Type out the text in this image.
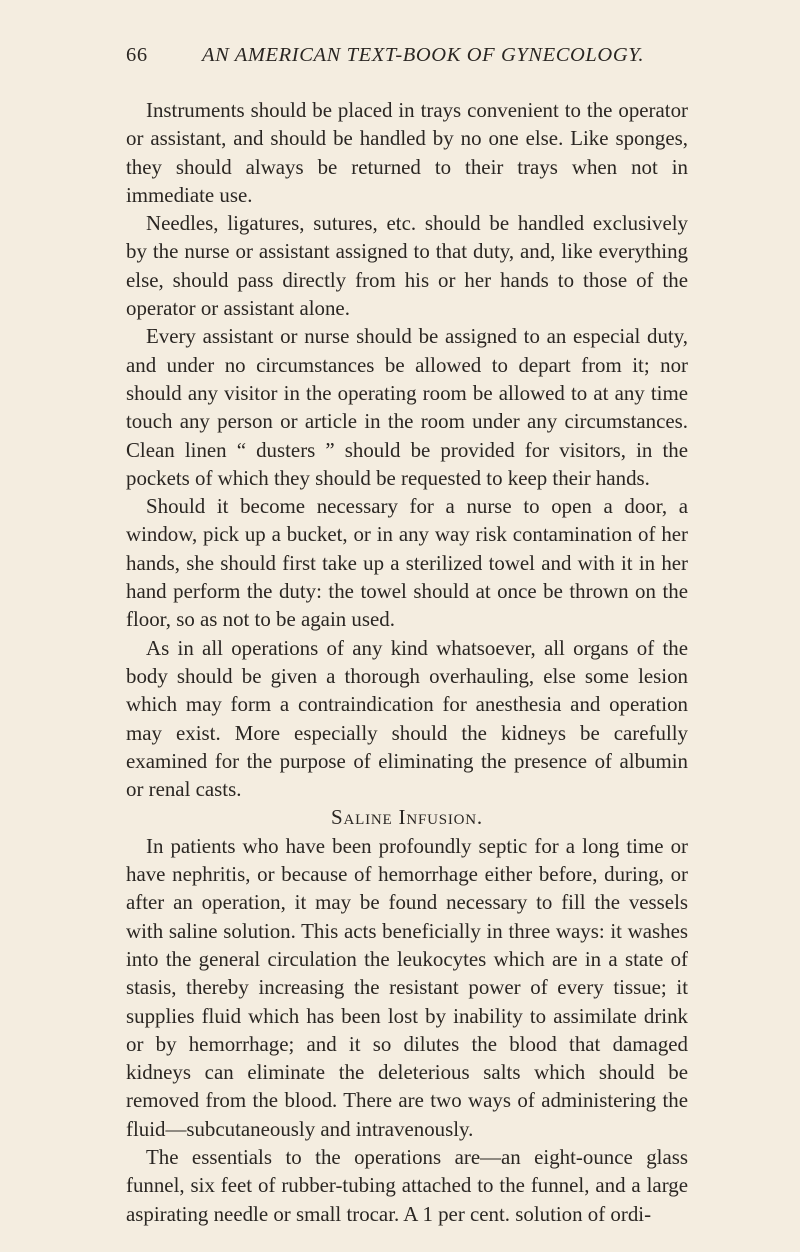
66	AN AMERICAN TEXT-BOOK OF GYNECOLOGY.

Instruments should be placed in trays convenient to the operator or assistant, and should be handled by no one else. Like sponges, they should always be returned to their trays when not in immediate use.

Needles, ligatures, sutures, etc. should be handled exclusively by the nurse or assistant assigned to that duty, and, like everything else, should pass directly from his or her hands to those of the operator or assistant alone.

Every assistant or nurse should be assigned to an especial duty, and under no circumstances be allowed to depart from it; nor should any visitor in the operating room be allowed to at any time touch any person or article in the room under any circumstances. Clean linen “ dusters ” should be provided for visitors, in the pockets of which they should be requested to keep their hands.

Should it become necessary for a nurse to open a door, a window, pick up a bucket, or in any way risk contamination of her hands, she should first take up a sterilized towel and with it in her hand perform the duty: the towel should at once be thrown on the floor, so as not to be again used.

As in all operations of any kind whatsoever, all organs of the body should be given a thorough overhauling, else some lesion which may form a contraindication for anesthesia and operation may exist. More especially should the kidneys be carefully examined for the purpose of eliminating the presence of albumin or renal casts.

Saline Infusion.

In patients who have been profoundly septic for a long time or have nephritis, or because of hemorrhage either before, during, or after an operation, it may be found necessary to fill the vessels with saline solution. This acts beneficially in three ways: it washes into the general circulation the leukocytes which are in a state of stasis, thereby increasing the resistant power of every tissue; it supplies fluid which has been lost by inability to assimilate drink or by hemorrhage; and it so dilutes the blood that damaged kidneys can eliminate the deleterious salts which should be removed from the blood. There are two ways of administering the fluid—subcutaneously and intravenously.

The essentials to the operations are—an eight-ounce glass funnel, six feet of rubber-tubing attached to the funnel, and a large aspirating needle or small trocar. A 1 per cent. solution of ordi-
